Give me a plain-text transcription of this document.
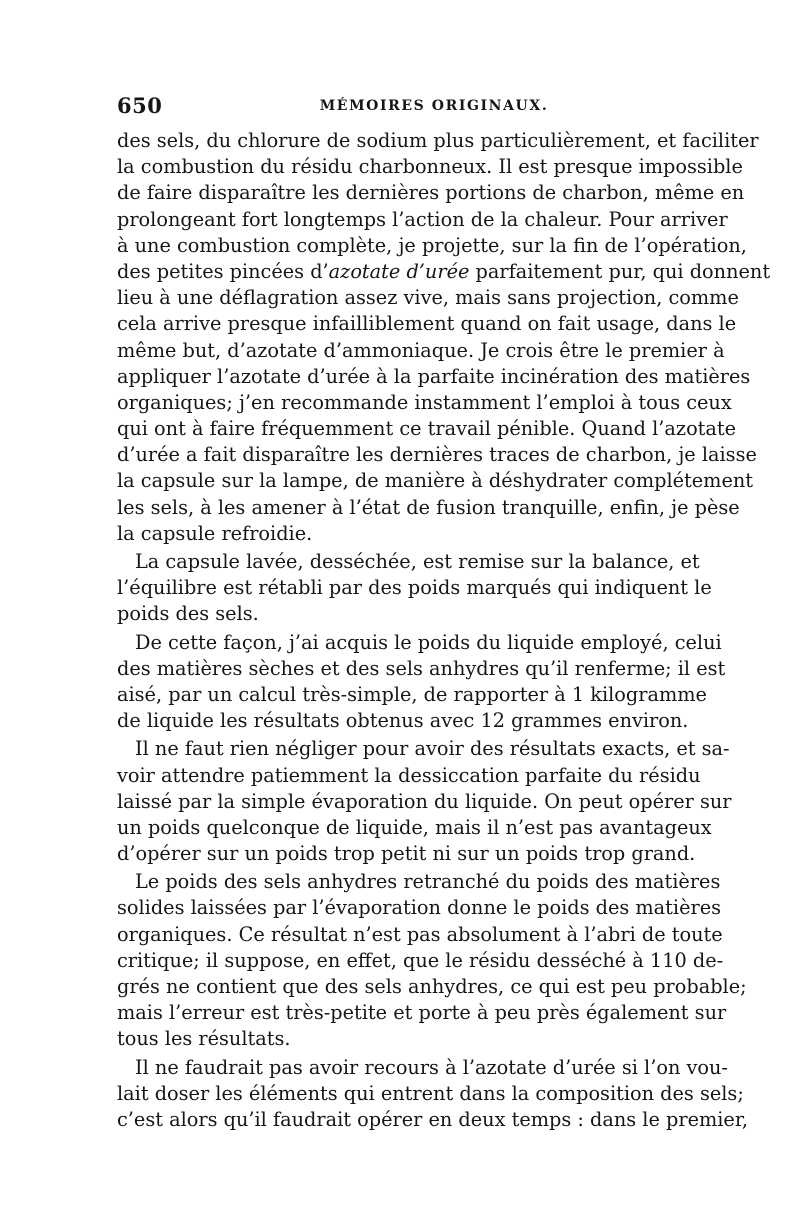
650	MÉMOIRES ORIGINAUX.
des sels, du chlorure de sodium plus particulièrement, et faciliter
la combustion du résidu charbonneux. Il est presque impossible
de faire disparaître les dernières portions de charbon, même en
prolongeant fort longtemps l’action de la chaleur. Pour arriver
à une combustion complète, je projette, sur la fin de l’opération,
des petites pincées d’azotate d’urée parfaitement pur, qui donnent
lieu à une déflagration assez vive, mais sans projection, comme
cela arrive presque infailliblement quand on fait usage, dans le
même but, d’azotate d’ammoniaque. Je crois être le premier à
appliquer l’azotate d’urée à la parfaite incinération des matières
organiques; j’en recommande instamment l’emploi à tous ceux
qui ont à faire fréquemment ce travail pénible. Quand l’azotate
d’urée a fait disparaître les dernières traces de charbon, je laisse
la capsule sur la lampe, de manière à déshydrater complétement
les sels, à les amener à l’état de fusion tranquille, enfin, je pèse
la capsule refroidie.
La capsule lavée, desséchée, est remise sur la balance, et
l’équilibre est rétabli par des poids marqués qui indiquent le
poids des sels.
De cette façon, j’ai acquis le poids du liquide employé, celui
des matières sèches et des sels anhydres qu’il renferme; il est
aisé, par un calcul très-simple, de rapporter à 1 kilogramme
de liquide les résultats obtenus avec 12 grammes environ.
Il ne faut rien négliger pour avoir des résultats exacts, et sa-
voir attendre patiemment la dessiccation parfaite du résidu
laissé par la simple évaporation du liquide. On peut opérer sur
un poids quelconque de liquide, mais il n’est pas avantageux
d’opérer sur un poids trop petit ni sur un poids trop grand.
Le poids des sels anhydres retranché du poids des matières
solides laissées par l’évaporation donne le poids des matières
organiques. Ce résultat n’est pas absolument à l’abri de toute
critique; il suppose, en effet, que le résidu desséché à 110 de-
grés ne contient que des sels anhydres, ce qui est peu probable;
mais l’erreur est très-petite et porte à peu près également sur
tous les résultats.
Il ne faudrait pas avoir recours à l’azotate d’urée si l’on vou-
lait doser les éléments qui entrent dans la composition des sels;
c’est alors qu’il faudrait opérer en deux temps : dans le premier,
